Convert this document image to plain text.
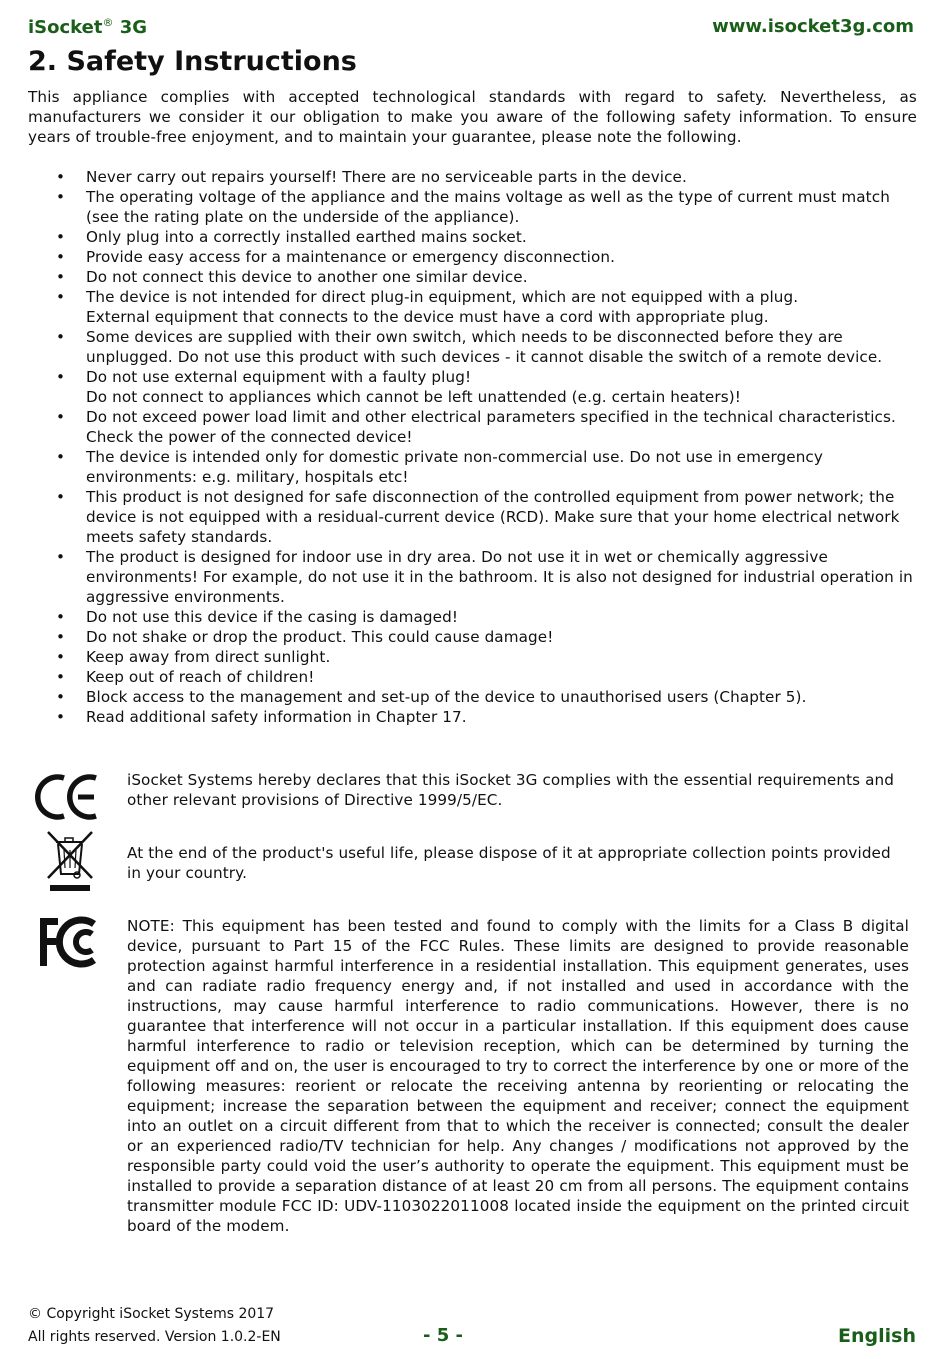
iSocket® 3G	www.isocket3g.com
2. Safety Instructions

This appliance complies with accepted technological standards with regard to safety. Nevertheless, as manufacturers we consider it our obligation to make you aware of the following safety information. To ensure years of trouble-free enjoyment, and to maintain your guarantee, please note the following.

• Never carry out repairs yourself! There are no serviceable parts in the device.
• The operating voltage of the appliance and the mains voltage as well as the type of current must match (see the rating plate on the underside of the appliance).
• Only plug into a correctly installed earthed mains socket.
• Provide easy access for a maintenance or emergency disconnection.
• Do not connect this device to another one similar device.
• The device is not intended for direct plug-in equipment, which are not equipped with a plug.
External equipment that connects to the device must have a cord with appropriate plug.
• Some devices are supplied with their own switch, which needs to be disconnected before they are unplugged. Do not use this product with such devices - it cannot disable the switch of a remote device.
• Do not use external equipment with a faulty plug!
Do not connect to appliances which cannot be left unattended (e.g. certain heaters)!
• Do not exceed power load limit and other electrical parameters specified in the technical characteristics. Check the power of the connected device!
• The device is intended only for domestic private non-commercial use. Do not use in emergency environments: e.g. military, hospitals etc!
• This product is not designed for safe disconnection of the controlled equipment from power network; the device is not equipped with a residual-current device (RCD). Make sure that your home electrical network meets safety standards.
• The product is designed for indoor use in dry area. Do not use it in wet or chemically aggressive environments! For example, do not use it in the bathroom. It is also not designed for industrial operation in aggressive environments.
• Do not use this device if the casing is damaged!
• Do not shake or drop the product. This could cause damage!
• Keep away from direct sunlight.
• Keep out of reach of children!
• Block access to the management and set-up of the device to unauthorised users (Chapter 5).
• Read additional safety information in Chapter 17.

iSocket Systems hereby declares that this iSocket 3G complies with the essential requirements and other relevant provisions of Directive 1999/5/EC.

At the end of the product's useful life, please dispose of it at appropriate collection points provided in your country.

NOTE: This equipment has been tested and found to comply with the limits for a Class B digital device, pursuant to Part 15 of the FCC Rules. These limits are designed to provide reasonable protection against harmful interference in a residential installation. This equipment generates, uses and can radiate radio frequency energy and, if not installed and used in accordance with the instructions, may cause harmful interference to radio communications. However, there is no guarantee that interference will not occur in a particular installation. If this equipment does cause harmful interference to radio or television reception, which can be determined by turning the equipment off and on, the user is encouraged to try to correct the interference by one or more of the following measures: reorient or relocate the receiving antenna by reorienting or relocating the equipment; increase the separation between the equipment and receiver; connect the equipment into an outlet on a circuit different from that to which the receiver is connected; consult the dealer or an experienced radio/TV technician for help. Any changes / modifications not approved by the responsible party could void the user’s authority to operate the equipment. This equipment must be installed to provide a separation distance of at least 20 cm from all persons. The equipment contains transmitter module FCC ID: UDV-1103022011008 located inside the equipment on the printed circuit board of the modem.

© Copyright iSocket Systems 2017
All rights reserved. Version 1.0.2-EN	- 5 -	English
